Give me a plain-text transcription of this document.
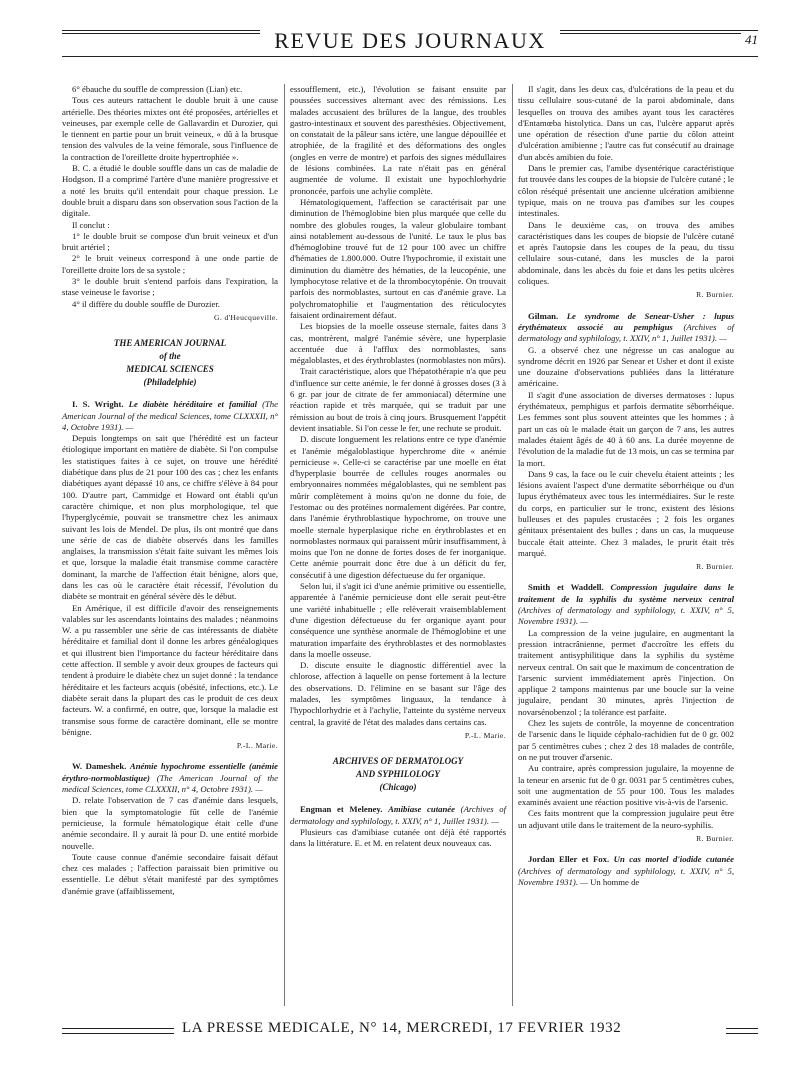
REVUE DES JOURNAUX	41

6° ébauche du souffle de compression (Lian) etc.

Tous ces auteurs rattachent le double bruit à une cause artérielle. Des théories mixtes ont été proposées, artérielles et veineuses, par exemple celle de Gallavardin et Durozier, qui le tiennent en partie pour un bruit veineux, « dû à la brusque tension des valvules de la veine fémorale, sous l'influence de la contraction de l'oreillette droite hypertrophiée ».

B. C. a étudié le double souffle dans un cas de maladie de Hodgson. Il a comprimé l'artère d'une manière progressive et a noté les bruits qu'il entendait pour chaque pression. Le double bruit a disparu dans son observation sous l'action de la digitale.

Il conclut :

1° le double bruit se compose d'un bruit veineux et d'un bruit artériel ;

2° le bruit veineux correspond à une onde partie de l'oreillette droite lors de sa systole ;

3° le double bruit s'entend parfois dans l'expiration, la stase veineuse le favorise ;

4° il diffère du double souffle de Durozier.

G. d'Heucqueville.
THE AMERICAN JOURNAL
of the
MEDICAL SCIENCES
(Philadelphie)

I. S. Wright. Le diabète héréditaire et familial (The American Journal of the medical Sciences, tome CLXXXII, n° 4, Octobre 1931). —

Depuis longtemps on sait que l'hérédité est un facteur étiologique important en matière de diabète. Si l'on compulse les statistiques faites à ce sujet, on trouve une hérédité diabétique dans plus de 21 pour 100 des cas ; chez les enfants diabétiques ayant dépassé 10 ans, ce chiffre s'élève à 84 pour 100. D'autre part, Cammidge et Howard ont établi qu'un caractère chimique, et non plus morphologique, tel que l'hyperglycémie, pouvait se transmettre chez les animaux suivant les lois de Mendel. De plus, ils ont montré que dans une série de cas de diabète observés dans les familles anglaises, la transmission s'était faite suivant les mêmes lois et que, lorsque la maladie était transmise comme caractère dominant, la marche de l'affection était bénigne, alors que, dans les cas où le caractère était récessif, l'évolution du diabète se montrait en général sévère dès le début.

En Amérique, il est difficile d'avoir des renseignements valables sur les ascendants lointains des malades ; néanmoins W. a pu rassembler une série de cas intéressants de diabète héréditaire et familial dont il donne les arbres généalogiques et qui illustrent bien l'importance du facteur héréditaire dans cette affection. Il semble y avoir deux groupes de facteurs qui tendent à produire le diabète chez un sujet donné : la tendance héréditaire et les facteurs acquis (obésité, infections, etc.). Le diabète serait dans la plupart des cas le produit de ces deux facteurs. W. a confirmé, en outre, que, lorsque la maladie est transmise sous forme de caractère dominant, elle se montre bénigne.

P.-L. Marie.

W. Dameshek. Anémie hypochrome essentielle (anémie érythro-normoblastique) (The American Journal of the medical Sciences, tome CLXXXII, n° 4, Octobre 1931). —

D. relate l'observation de 7 cas d'anémie dans lesquels, bien que la symptomatologie fût celle de l'anémie pernicieuse, la formule hématologique était celle d'une anémie secondaire. Il y aurait là pour D. une entité morbide nouvelle.

Toute cause connue d'anémie secondaire faisait défaut chez ces malades ; l'affection paraissait bien primitive ou essentielle. Le début s'était manifesté par des symptômes d'anémie grave (affaiblissement,

essoufflement, etc.), l'évolution se faisant ensuite par poussées successives alternant avec des rémissions. Les malades accusaient des brûlures de la langue, des troubles gastro-intestinaux et souvent des paresthésies. Objectivement, on constatait de la pâleur sans ictère, une langue dépouillée et atrophiée, de la fragilité et des déformations des ongles (ongles en verre de montre) et parfois des signes médullaires de lésions combinées. La rate n'était pas en général augmentée de volume. Il existait une hypochlorhydrie prononcée, parfois une achylie complète.

Hématologiquement, l'affection se caractérisait par une diminution de l'hémoglobine bien plus marquée que celle du nombre des globules rouges, la valeur globulaire tombant ainsi notablement au-dessous de l'unité. Le taux le plus bas d'hémoglobine trouvé fut de 12 pour 100 avec un chiffre d'hématies de 1.800.000. Outre l'hypochromie, il existait une diminution du diamètre des hématies, de la leucopénie, une lymphocytose relative et de la thrombocytopénie. On trouvait parfois des normoblastes, surtout en cas d'anémie grave. La polychromatophilie et l'augmentation des réticulocytes faisaient ordinairement défaut.

Les biopsies de la moelle osseuse sternale, faites dans 3 cas, montrèrent, malgré l'anémie sévère, une hyperplasie accentuée due à l'afflux des normoblastes, sans mégaloblastes, et des érythroblastes (normoblastes non mûrs).

Trait caractéristique, alors que l'hépatothérapie n'a que peu d'influence sur cette anémie, le fer donné à grosses doses (3 à 6 gr. par jour de citrate de fer ammoniacal) détermine une réaction rapide et très marquée, qui se traduit par une rémission au bout de trois à cinq jours. Brusquement l'appétit devient insatiable. Si l'on cesse le fer, une rechute se produit.

D. discute longuement les relations entre ce type d'anémie et l'anémie mégaloblastique hyperchrome dite « anémie pernicieuse ». Celle-ci se caractérise par une moelle en état d'hyperplasie bourrée de cellules rouges anormales ou embryonnaires nommées mégaloblastes, qui ne semblent pas mûrir complètement à moins qu'on ne donne du foie, de l'estomac ou des protéines normalement digérées. Par contre, dans l'anémie érythroblastique hypochrome, on trouve une moelle sternale hyperplasique riche en érythroblastes et en normoblastes normaux qui paraissent mûrir insuffisamment, à moins que l'on ne donne de fortes doses de fer inorganique. Cette anémie pourrait donc être due à un déficit du fer, consécutif à une digestion défectueuse du fer organique.

Selon lui, il s'agit ici d'une anémie primitive ou essentielle, apparentée à l'anémie pernicieuse dont elle serait peut-être une variété inhabituelle ; elle relèverait vraisemblablement d'une digestion défectueuse du fer organique ayant pour conséquence une synthèse anormale de l'hémoglobine et une maturation imparfaite des érythroblastes et des normoblastes dans la moelle osseuse.

D. discute ensuite le diagnostic différentiel avec la chlorose, affection à laquelle on pense fortement à la lecture des observations. D. l'élimine en se basant sur l'âge des malades, les symptômes linguaux, la tendance à l'hypochlorhydrie et à l'achylie, l'atteinte du système nerveux central, la gravité de l'état des malades dans certains cas.

P.-L. Marie.
ARCHIVES OF DERMATOLOGY
AND SYPHILOLOGY
(Chicago)

Engman et Meleney. Amibiase cutanée (Archives of dermatology and syphilology, t. XXIV, n° 1, Juillet 1931). —

Plusieurs cas d'amibiase cutanée ont déjà été rapportés dans la littérature. E. et M. en relatent deux nouveaux cas.

Il s'agit, dans les deux cas, d'ulcérations de la peau et du tissu cellulaire sous-cutané de la paroi abdominale, dans lesquelles on trouva des amibes ayant tous les caractères d'Entamœba histolytica. Dans un cas, l'ulcère apparut après une opération de résection d'une partie du côlon atteint d'ulcération amibienne ; l'autre cas fut consécutif au drainage d'un abcès amibien du foie.

Dans le premier cas, l'amibe dysentérique caractéristique fut trouvée dans les coupes de la biopsie de l'ulcère cutané ; le côlon réséqué présentait une ancienne ulcération amibienne typique, mais on ne trouva pas d'amibes sur les coupes intestinales.

Dans le deuxième cas, on trouva des amibes caractéristiques dans les coupes de biopsie de l'ulcère cutané et après l'autopsie dans les coupes de la peau, du tissu cellulaire sous-cutané, dans les muscles de la paroi abdominale, dans les abcès du foie et dans les petits ulcères coliques.

R. Burnier.

Gilman. Le syndrome de Senear-Usher : lupus érythémateux associé au pemphigus (Archives of dermatology and syphilology, t. XXIV, n° 1, Juillet 1931). —

G. a observé chez une négresse un cas analogue au syndrome décrit en 1926 par Senear et Usher et dont il existe une douzaine d'observations publiées dans la littérature américaine.

Il s'agit d'une association de diverses dermatoses : lupus érythémateux, pemphigus et parfois dermatite séborrhéique. Les femmes sont plus souvent atteintes que les hommes ; à part un cas où le malade était un garçon de 7 ans, les autres malades étaient âgés de 40 à 60 ans. La durée moyenne de l'évolution de la maladie fut de 13 mois, un cas se termina par la mort.

Dans 9 cas, la face ou le cuir chevelu étaient atteints ; les lésions avaient l'aspect d'une dermatite séborrhéique ou d'un lupus érythémateux avec tous les intermédiaires. Sur le reste du corps, en particulier sur le tronc, existent des lésions bulleuses et des papules crustacées ; 2 fois les organes génitaux présentaient des bulles ; dans un cas, la muqueuse buccale était atteinte. Chez 3 malades, le prurit était très marqué.

R. Burnier.

Smith et Waddell. Compression jugulaire dans le traitement de la syphilis du système nerveux central (Archives of dermatology and syphilology, t. XXIV, n° 5, Novembre 1931). —

La compression de la veine jugulaire, en augmentant la pression intracrânienne, permet d'accroître les effets du traitement antisyphilitique dans la syphilis du système nerveux central. On sait que le maximum de concentration de l'arsenic survient immédiatement après l'injection. On applique 2 tampons maintenus par une boucle sur la veine jugulaire, pendant 30 minutes, après l'injection de novarsénobenzol ; la tolérance est parfaite.

Chez les sujets de contrôle, la moyenne de concentration de l'arsenic dans le liquide céphalo-rachidien fut de 0 gr. 002 par 5 centimètres cubes ; chez 2 des 18 malades de contrôle, on ne put trouver d'arsenic.

Au contraire, après compression jugulaire, la moyenne de la teneur en arsenic fut de 0 gr. 0031 par 5 centimètres cubes, soit une augmentation de 55 pour 100. Tous les malades examinés avaient une réaction positive vis-à-vis de l'arsenic.

Ces faits montrent que la compression jugulaire peut être un adjuvant utile dans le traitement de la neuro-syphilis.

R. Burnier.

Jordan Eller et Fox. Un cas mortel d'iodide cutanée (Archives of dermatology and syphilology, t. XXIV, n° 5, Novembre 1931). — Un homme de

LA PRESSE MEDICALE, N° 14, MERCREDI, 17 FEVRIER 1932
